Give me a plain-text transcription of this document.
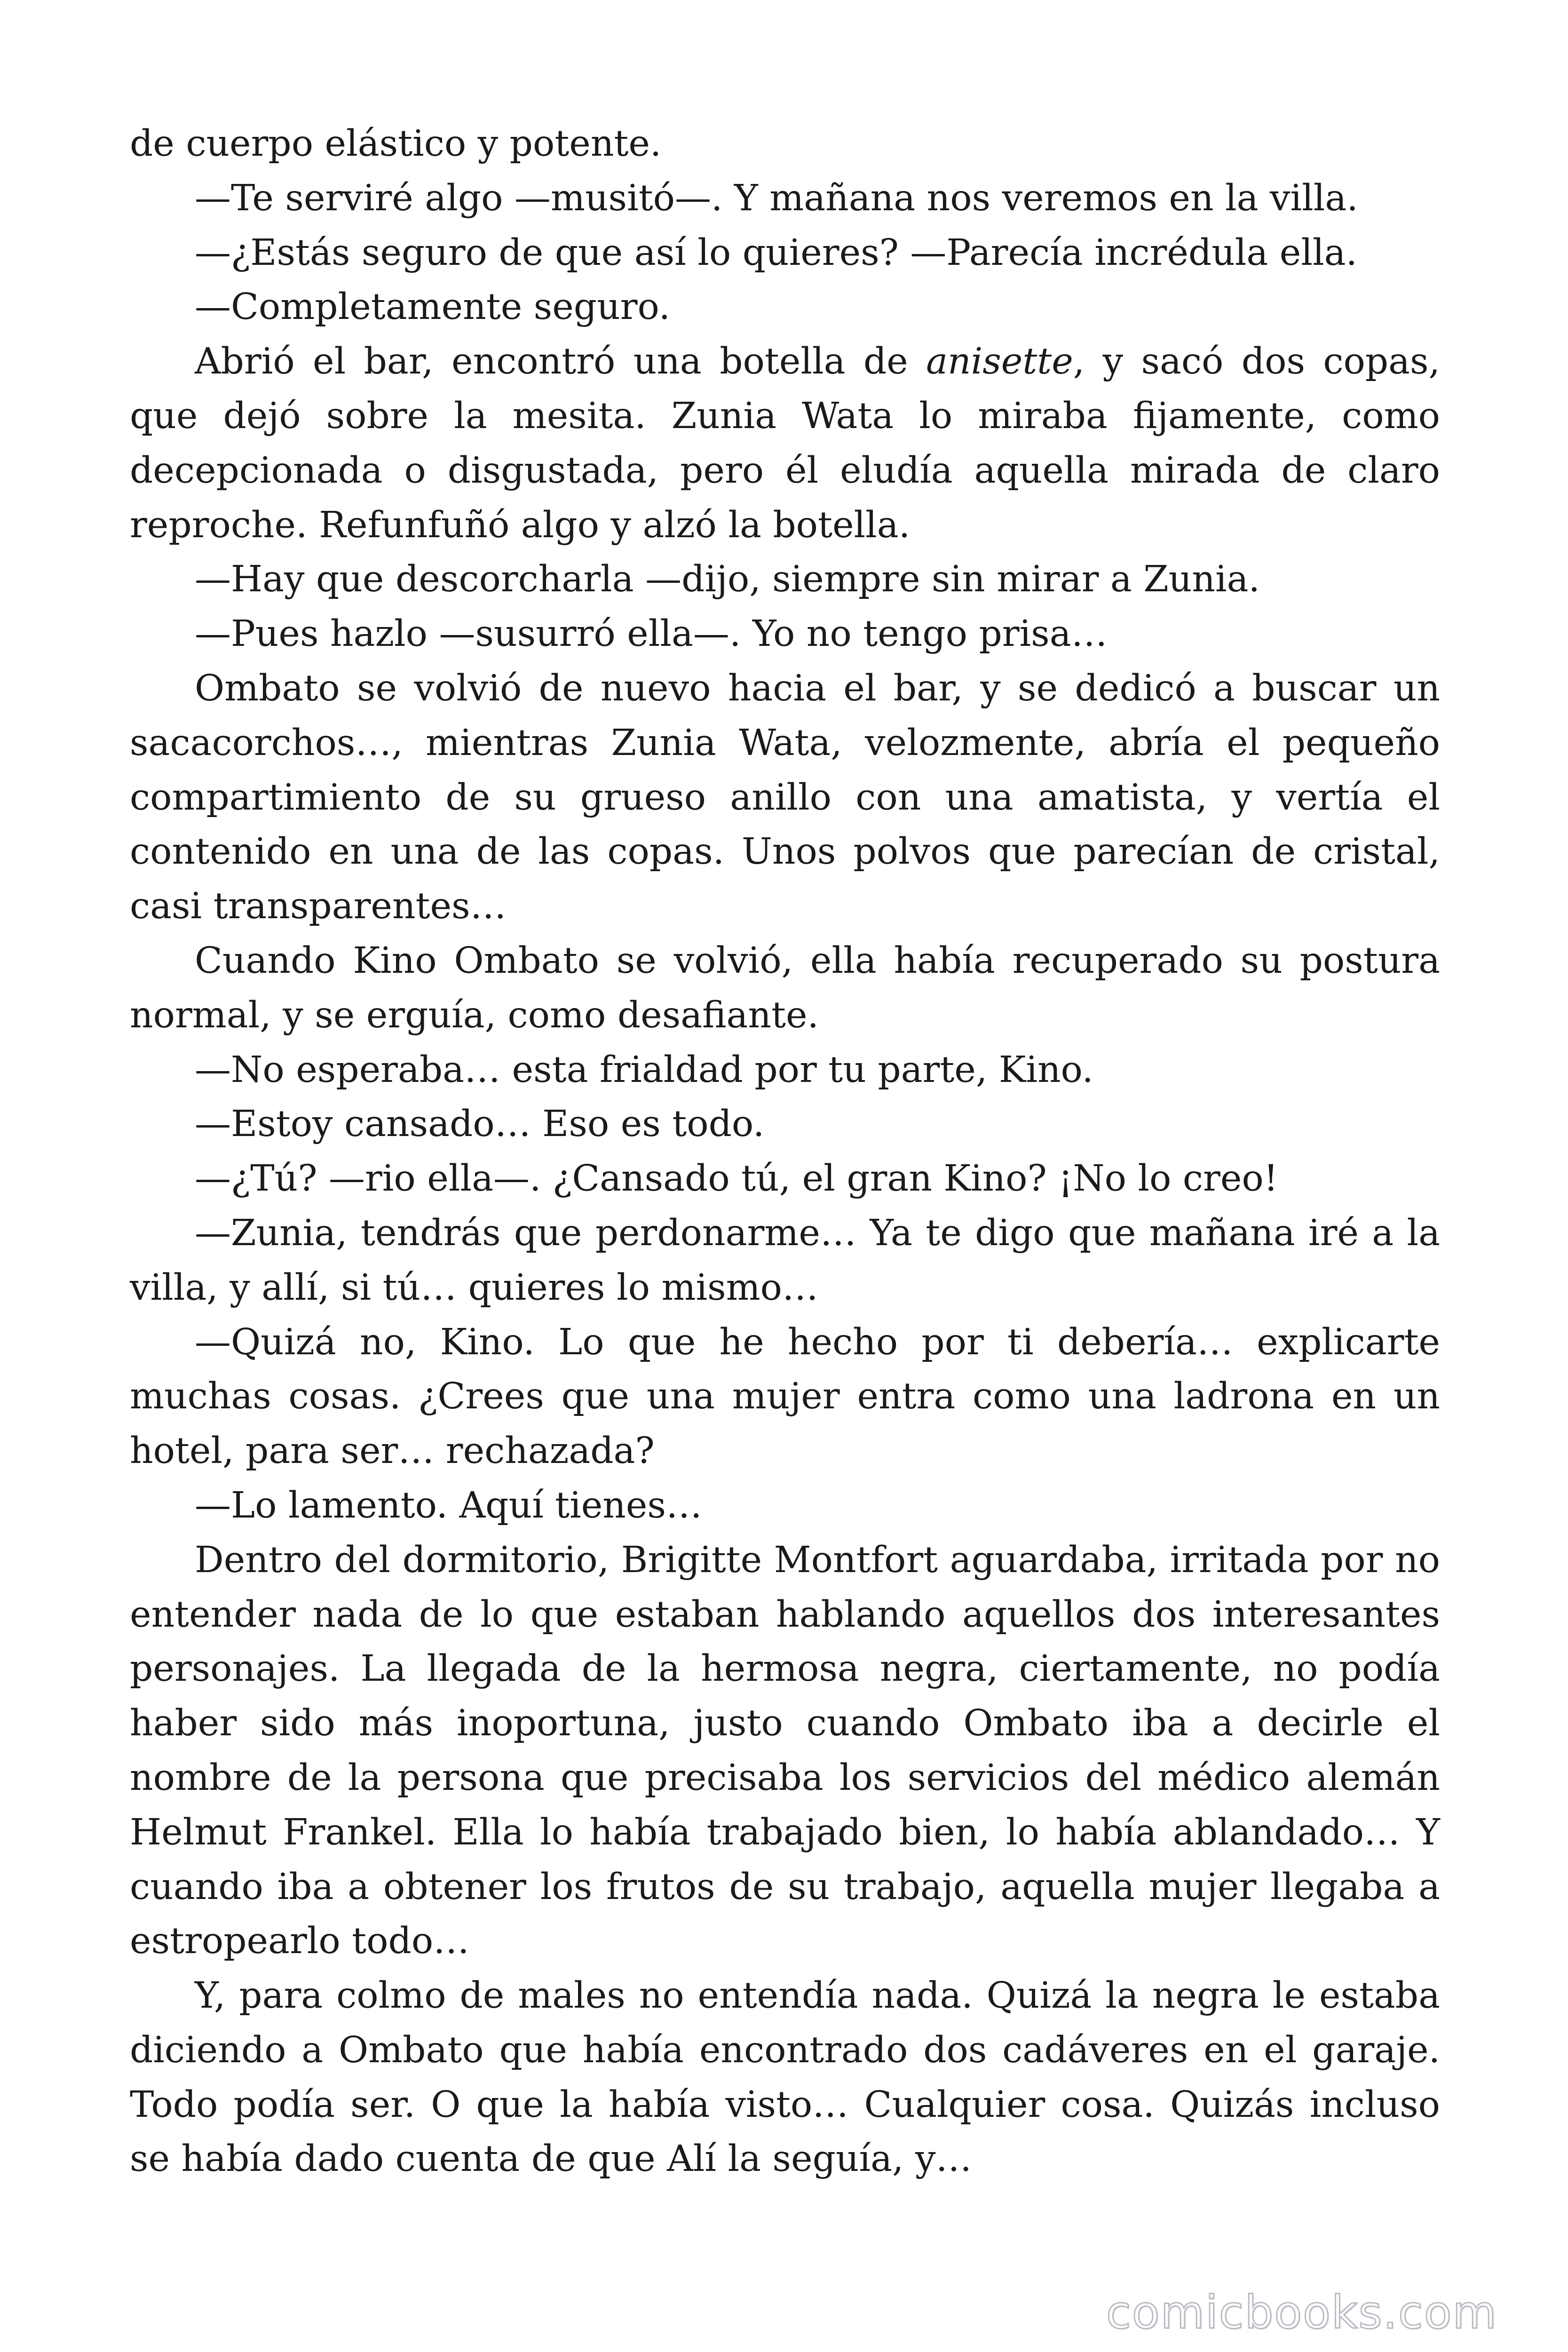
de cuerpo elástico y potente.

—Te serviré algo —musitó—. Y mañana nos veremos en la villa.

—¿Estás seguro de que así lo quieres? —Parecía incrédula ella.

—Completamente seguro.

Abrió el bar, encontró una botella de anisette, y sacó dos copas, que dejó sobre la mesita. Zunia Wata lo miraba fijamente, como decepcionada o disgustada, pero él eludía aquella mirada de claro reproche. Refunfuñó algo y alzó la botella.

—Hay que descorcharla —dijo, siempre sin mirar a Zunia.

—Pues hazlo —susurró ella—. Yo no tengo prisa…

Ombato se volvió de nuevo hacia el bar, y se dedicó a buscar un sacacorchos…, mientras Zunia Wata, velozmente, abría el pequeño compartimiento de su grueso anillo con una amatista, y vertía el contenido en una de las copas. Unos polvos que parecían de cristal, casi transparentes…

Cuando Kino Ombato se volvió, ella había recuperado su postura normal, y se erguía, como desafiante.

—No esperaba… esta frialdad por tu parte, Kino.

—Estoy cansado… Eso es todo.

—¿Tú? —rio ella—. ¿Cansado tú, el gran Kino? ¡No lo creo!

—Zunia, tendrás que perdonarme… Ya te digo que mañana iré a la villa, y allí, si tú… quieres lo mismo…

—Quizá no, Kino. Lo que he hecho por ti debería… explicarte muchas cosas. ¿Crees que una mujer entra como una ladrona en un hotel, para ser… rechazada?

—Lo lamento. Aquí tienes…

Dentro del dormitorio, Brigitte Montfort aguardaba, irritada por no entender nada de lo que estaban hablando aquellos dos interesantes personajes. La llegada de la hermosa negra, ciertamente, no podía haber sido más inoportuna, justo cuando Ombato iba a decirle el nombre de la persona que precisaba los servicios del médico alemán Helmut Frankel. Ella lo había trabajado bien, lo había ablandado… Y cuando iba a obtener los frutos de su trabajo, aquella mujer llegaba a estropearlo todo…

Y, para colmo de males no entendía nada. Quizá la negra le estaba diciendo a Ombato que había encontrado dos cadáveres en el garaje. Todo podía ser. O que la había visto… Cualquier cosa. Quizás incluso se había dado cuenta de que Alí la seguía, y…

comicbooks.com
